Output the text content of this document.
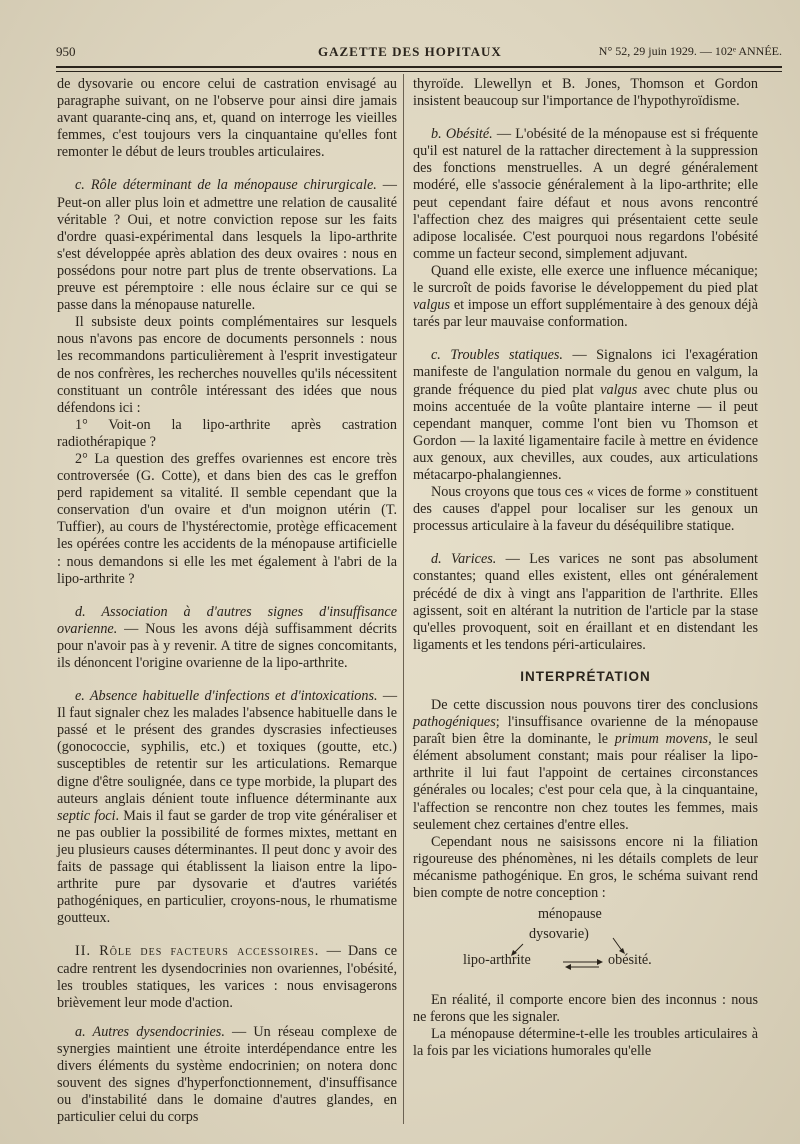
950	GAZETTE DES HOPITAUX	N° 52, 29 juin 1929. — 102ᵉ ANNÉE.

de dysovarie ou encore celui de castration envisagé au paragraphe suivant, on ne l'observe pour ainsi dire jamais avant quarante-cinq ans, et, quand on interroge les vieilles femmes, c'est toujours vers la cinquantaine qu'elles font remonter le début de leurs troubles articulaires.

c. Rôle déterminant de la ménopause chirurgicale. — Peut-on aller plus loin et admettre une relation de causalité véritable ? Oui, et notre conviction repose sur les faits d'ordre quasi-expérimental dans lesquels la lipo-arthrite s'est développée après ablation des deux ovaires : nous en possédons pour notre part plus de trente observations. La preuve est péremptoire : elle nous éclaire sur ce qui se passe dans la ménopause naturelle.

Il subsiste deux points complémentaires sur lesquels nous n'avons pas encore de documents personnels : nous les recommandons particulièrement à l'esprit investigateur de nos confrères, les recherches nouvelles qu'ils nécessitent constituant un contrôle intéressant des idées que nous défendons ici :

1° Voit-on la lipo-arthrite après castration radiothérapique ?

2° La question des greffes ovariennes est encore très controversée (G. Cotte), et dans bien des cas le greffon perd rapidement sa vitalité. Il semble cependant que la conservation d'un ovaire et d'un moignon utérin (T. Tuffier), au cours de l'hystérectomie, protège efficacement les opérées contre les accidents de la ménopause artificielle : nous demandons si elle les met également à l'abri de la lipo-arthrite ?

d. Association à d'autres signes d'insuffisance ovarienne. — Nous les avons déjà suffisamment décrits pour n'avoir pas à y revenir. A titre de signes concomitants, ils dénoncent l'origine ovarienne de la lipo-arthrite.

e. Absence habituelle d'infections et d'intoxications. — Il faut signaler chez les malades l'absence habituelle dans le passé et le présent des grandes dyscrasies infectieuses (gonococcie, syphilis, etc.) et toxiques (goutte, etc.) susceptibles de retentir sur les articulations. Remarque digne d'être soulignée, dans ce type morbide, la plupart des auteurs anglais dénient toute influence déterminante aux septic foci. Mais il faut se garder de trop vite généraliser et ne pas oublier la possibilité de formes mixtes, mettant en jeu plusieurs causes déterminantes. Il peut donc y avoir des faits de passage qui établissent la liaison entre la lipo-arthrite pure par dysovarie et d'autres variétés pathogéniques, en particulier, croyons-nous, le rhumatisme goutteux.

II. Rôle des facteurs accessoires. — Dans ce cadre rentrent les dysendocrinies non ovariennes, l'obésité, les troubles statiques, les varices : nous envisagerons brièvement leur mode d'action.

a. Autres dysendocrinies. — Un réseau complexe de synergies maintient une étroite interdépendance entre les divers éléments du système endocrinien; on notera donc souvent des signes d'hyperfonctionnement, d'insuffisance ou d'instabilité dans le domaine d'autres glandes, en particulier celui du corps

thyroïde. Llewellyn et B. Jones, Thomson et Gordon insistent beaucoup sur l'importance de l'hypothyroïdisme.

b. Obésité. — L'obésité de la ménopause est si fréquente qu'il est naturel de la rattacher directement à la suppression des fonctions menstruelles. A un degré généralement modéré, elle s'associe généralement à la lipo-arthrite; elle peut cependant faire défaut et nous avons rencontré l'affection chez des maigres qui présentaient cette seule adipose localisée. C'est pourquoi nous regardons l'obésité comme un facteur second, simplement adjuvant.

Quand elle existe, elle exerce une influence mécanique; le surcroît de poids favorise le développement du pied plat valgus et impose un effort supplémentaire à des genoux déjà tarés par leur mauvaise conformation.

c. Troubles statiques. — Signalons ici l'exagération manifeste de l'angulation normale du genou en valgum, la grande fréquence du pied plat valgus avec chute plus ou moins accentuée de la voûte plantaire interne — il peut cependant manquer, comme l'ont bien vu Thomson et Gordon — la laxité ligamentaire facile à mettre en évidence aux genoux, aux chevilles, aux coudes, aux articulations métacarpo-phalangiennes.

Nous croyons que tous ces « vices de forme » constituent des causes d'appel pour localiser sur les genoux un processus articulaire à la faveur du déséquilibre statique.

d. Varices. — Les varices ne sont pas absolument constantes; quand elles existent, elles ont généralement précédé de dix à vingt ans l'apparition de l'arthrite. Elles agissent, soit en altérant la nutrition de l'article par la stase qu'elles provoquent, soit en éraillant et en distendant les ligaments et les tendons péri-articulaires.

INTERPRÉTATION

De cette discussion nous pouvons tirer des conclusions pathogéniques; l'insuffisance ovarienne de la ménopause paraît bien être la dominante, le primum movens, le seul élément absolument constant; mais pour réaliser la lipo-arthrite il lui faut l'appoint de certaines circonstances générales ou locales; c'est pour cela que, à la cinquantaine, l'affection se rencontre non chez toutes les femmes, mais seulement chez certaines d'entre elles.

Cependant nous ne saisissons encore ni la filiation rigoureuse des phénomènes, ni les détails complets de leur mécanisme pathogénique. En gros, le schéma suivant rend bien compte de notre conception :

ménopause
dysovarie)
lipo-arthrite	obésité.

En réalité, il comporte encore bien des inconnus : nous ne ferons que les signaler.

La ménopause détermine-t-elle les troubles articulaires à la fois par les viciations humorales qu'elle
